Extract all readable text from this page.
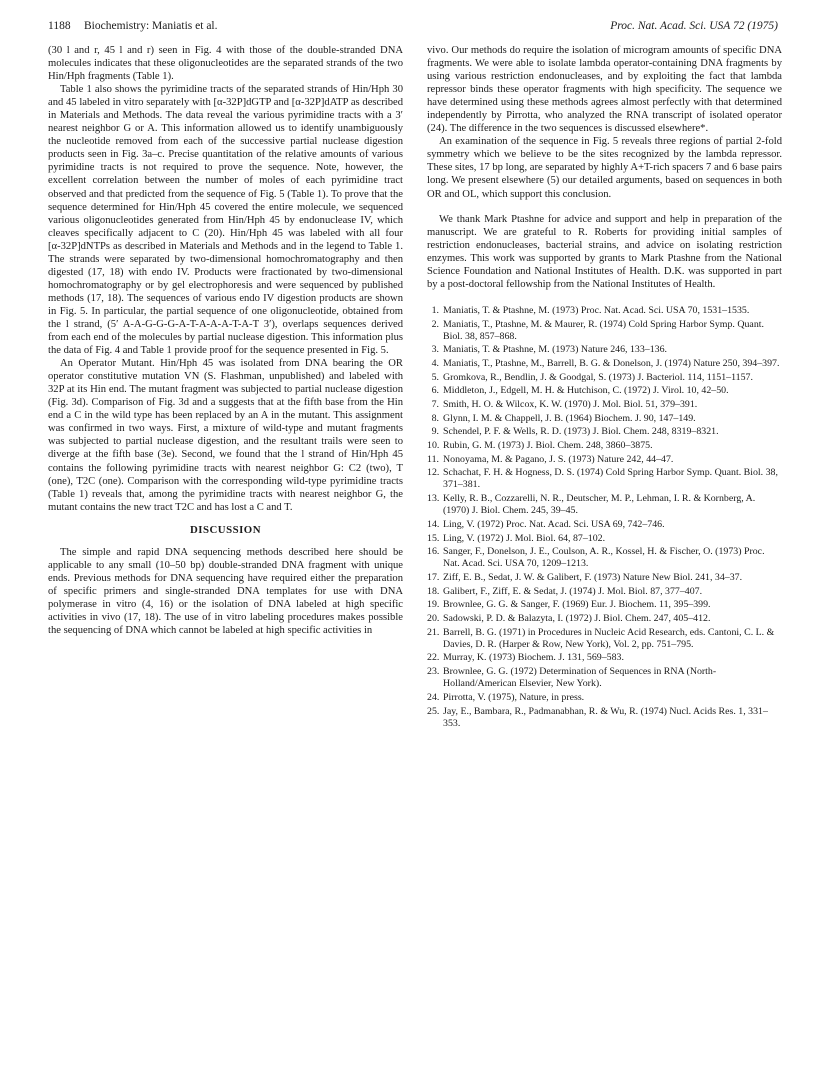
1188 Biochemistry: Maniatis et al.	Proc. Nat. Acad. Sci. USA 72 (1975)

(30 l and r, 45 l and r) seen in Fig. 4 with those of the double-stranded DNA molecules indicates that these oligonucleotides are the separated strands of the two Hin/Hph fragments (Table 1).

Table 1 also shows the pyrimidine tracts of the separated strands of Hin/Hph 30 and 45 labeled in vitro separately with [α-32P]dGTP and [α-32P]dATP as described in Materials and Methods. The data reveal the various pyrimidine tracts with a 3′ nearest neighbor G or A. This information allowed us to identify unambiguously the nucleotide removed from each of the successive partial nuclease digestion products seen in Fig. 3a–c. Precise quantitation of the relative amounts of various pyrimidine tracts is not required to prove the sequence. Note, however, the excellent correlation between the number of moles of each pyrimidine tract observed and that predicted from the sequence of Fig. 5 (Table 1). To prove that the sequence determined for Hin/Hph 45 covered the entire molecule, we sequenced various oligonucleotides generated from Hin/Hph 45 by endonuclease IV, which cleaves specifically adjacent to C (20). Hin/Hph 45 was labeled with all four [α-32P]dNTPs as described in Materials and Methods and in the legend to Table 1. The strands were separated by two-dimensional homochromatography and then digested (17, 18) with endo IV. Products were fractionated by two-dimensional homochromatography or by gel electrophoresis and were sequenced by published methods (17, 18). The sequences of various endo IV digestion products are shown in Fig. 5. In particular, the partial sequence of one oligonucleotide, obtained from the l strand, (5′ A-A-G-G-G-A-T-A-A-A-T-A-T 3′), overlaps sequences derived from each end of the molecules by partial nuclease digestion. This information plus the data of Fig. 4 and Table 1 provide proof for the sequence presented in Fig. 5.

An Operator Mutant. Hin/Hph 45 was isolated from DNA bearing the OR operator constitutive mutation VN (S. Flashman, unpublished) and labeled with 32P at its Hin end. The mutant fragment was subjected to partial nuclease digestion (Fig. 3d). Comparison of Fig. 3d and a suggests that at the fifth base from the Hin end a C in the wild type has been replaced by an A in the mutant. This assignment was confirmed in two ways. First, a mixture of wild-type and mutant fragments was subjected to partial nuclease digestion, and the resultant trails were seen to diverge at the fifth base (3e). Second, we found that the l strand of Hin/Hph 45 contains the following pyrimidine tracts with nearest neighbor G: C2 (two), T (one), T2C (one). Comparison with the corresponding wild-type pyrimidine tracts (Table 1) reveals that, among the pyrimidine tracts with nearest neighbor G, the mutant contains the new tract T2C and has lost a C and T.

DISCUSSION

The simple and rapid DNA sequencing methods described here should be applicable to any small (10–50 bp) double-stranded DNA fragment with unique ends. Previous methods for DNA sequencing have required either the preparation of specific primers and single-stranded DNA templates for use with DNA polymerase in vitro (4, 16) or the isolation of DNA labeled at high specific activities in vivo (17, 18). The use of in vitro labeling procedures makes possible the sequencing of DNA which cannot be labeled at high specific activities in

vivo. Our methods do require the isolation of microgram amounts of specific DNA fragments. We were able to isolate lambda operator-containing DNA fragments by using various restriction endonucleases, and by exploiting the fact that lambda repressor binds these operator fragments with high specificity. The sequence we have determined using these methods agrees almost perfectly with that determined independently by Pirrotta, who analyzed the RNA transcript of isolated operator (24). The difference in the two sequences is discussed elsewhere*.

An examination of the sequence in Fig. 5 reveals three regions of partial 2-fold symmetry which we believe to be the sites recognized by the lambda repressor. These sites, 17 bp long, are separated by highly A+T-rich spacers 7 and 6 base pairs long. We present elsewhere (5) our detailed arguments, based on sequences in both OR and OL, which support this conclusion.

We thank Mark Ptashne for advice and support and help in preparation of the manuscript. We are grateful to R. Roberts for providing initial samples of restriction endonucleases, bacterial strains, and advice on isolating restriction enzymes. This work was supported by grants to Mark Ptashne from the National Science Foundation and National Institutes of Health. D.K. was supported in part by a post-doctoral fellowship from the National Institutes of Health.

1. Maniatis, T. & Ptashne, M. (1973) Proc. Nat. Acad. Sci. USA 70, 1531–1535.
2. Maniatis, T., Ptashne, M. & Maurer, R. (1974) Cold Spring Harbor Symp. Quant. Biol. 38, 857–868.
3. Maniatis, T. & Ptashne, M. (1973) Nature 246, 133–136.
4. Maniatis, T., Ptashne, M., Barrell, B. G. & Donelson, J. (1974) Nature 250, 394–397.
5. Gromkova, R., Bendlin, J. & Goodgal, S. (1973) J. Bacteriol. 114, 1151–1157.
6. Middleton, J., Edgell, M. H. & Hutchison, C. (1972) J. Virol. 10, 42–50.
7. Smith, H. O. & Wilcox, K. W. (1970) J. Mol. Biol. 51, 379–391.
8. Glynn, I. M. & Chappell, J. B. (1964) Biochem. J. 90, 147–149.
9. Schendel, P. F. & Wells, R. D. (1973) J. Biol. Chem. 248, 8319–8321.
10. Rubin, G. M. (1973) J. Biol. Chem. 248, 3860–3875.
11. Nonoyama, M. & Pagano, J. S. (1973) Nature 242, 44–47.
12. Schachat, F. H. & Hogness, D. S. (1974) Cold Spring Harbor Symp. Quant. Biol. 38, 371–381.
13. Kelly, R. B., Cozzarelli, N. R., Deutscher, M. P., Lehman, I. R. & Kornberg, A. (1970) J. Biol. Chem. 245, 39–45.
14. Ling, V. (1972) Proc. Nat. Acad. Sci. USA 69, 742–746.
15. Ling, V. (1972) J. Mol. Biol. 64, 87–102.
16. Sanger, F., Donelson, J. E., Coulson, A. R., Kossel, H. & Fischer, O. (1973) Proc. Nat. Acad. Sci. USA 70, 1209–1213.
17. Ziff, E. B., Sedat, J. W. & Galibert, F. (1973) Nature New Biol. 241, 34–37.
18. Galibert, F., Ziff, E. & Sedat, J. (1974) J. Mol. Biol. 87, 377–407.
19. Brownlee, G. G. & Sanger, F. (1969) Eur. J. Biochem. 11, 395–399.
20. Sadowski, P. D. & Balazyta, I. (1972) J. Biol. Chem. 247, 405–412.
21. Barrell, B. G. (1971) in Procedures in Nucleic Acid Research, eds. Cantoni, C. L. & Davies, D. R. (Harper & Row, New York), Vol. 2, pp. 751–795.
22. Murray, K. (1973) Biochem. J. 131, 569–583.
23. Brownlee, G. G. (1972) Determination of Sequences in RNA (North-Holland/American Elsevier, New York).
24. Pirrotta, V. (1975), Nature, in press.
25. Jay, E., Bambara, R., Padmanabhan, R. & Wu, R. (1974) Nucl. Acids Res. 1, 331–353.
